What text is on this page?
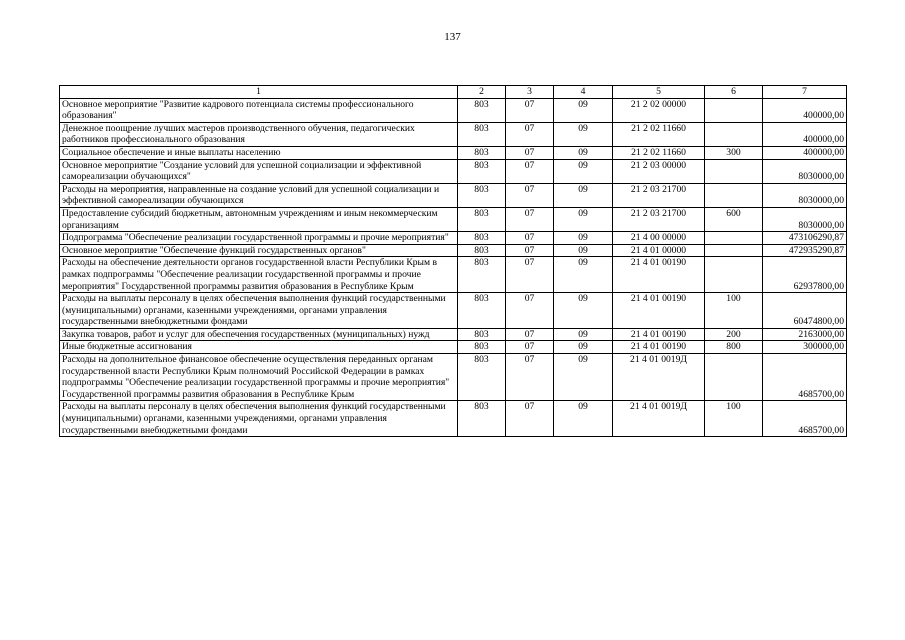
137
1	2	3	4	5	6	7
Основное мероприятие "Развитие кадрового потенциала системы профессионального образования"	803	07	09	21 2 02 00000		400000,00
Денежное поощрение лучших мастеров производственного обучения, педагогических работников профессионального образования	803	07	09	21 2 02 11660		400000,00
Социальное обеспечение и иные выплаты населению	803	07	09	21 2 02 11660	300	400000,00
Основное мероприятие "Создание условий для успешной социализации и эффективной самореализации обучающихся"	803	07	09	21 2 03 00000		8030000,00
Расходы на мероприятия, направленные на создание условий для успешной социализации и эффективной самореализации обучающихся	803	07	09	21 2 03 21700		8030000,00
Предоставление субсидий бюджетным, автономным учреждениям и иным некоммерческим организациям	803	07	09	21 2 03 21700	600	8030000,00
Подпрограмма "Обеспечение реализации государственной программы и прочие мероприятия"	803	07	09	21 4 00 00000		473106290,87
Основное мероприятие "Обеспечение функций государственных органов"	803	07	09	21 4 01 00000		472935290,87
Расходы на обеспечение деятельности органов государственной власти Республики Крым в рамках подпрограммы "Обеспечение реализации государственной программы и прочие мероприятия" Государственной программы развития образования в Республике Крым	803	07	09	21 4 01 00190		62937800,00
Расходы на выплаты персоналу в целях обеспечения выполнения функций государственными (муниципальными) органами, казенными учреждениями, органами управления государственными внебюджетными фондами	803	07	09	21 4 01 00190	100	60474800,00
Закупка товаров, работ и услуг для обеспечения государственных (муниципальных) нужд	803	07	09	21 4 01 00190	200	2163000,00
Иные бюджетные ассигнования	803	07	09	21 4 01 00190	800	300000,00
Расходы на дополнительное финансовое обеспечение осуществления переданных органам государственной власти Республики Крым полномочий Российской Федерации в рамках подпрограммы "Обеспечение реализации государственной программы и прочие мероприятия" Государственной программы развития образования в Республике Крым	803	07	09	21 4 01 0019Д		4685700,00
Расходы на выплаты персоналу в целях обеспечения выполнения функций государственными (муниципальными) органами, казенными учреждениями, органами управления государственными внебюджетными фондами	803	07	09	21 4 01 0019Д	100	4685700,00
